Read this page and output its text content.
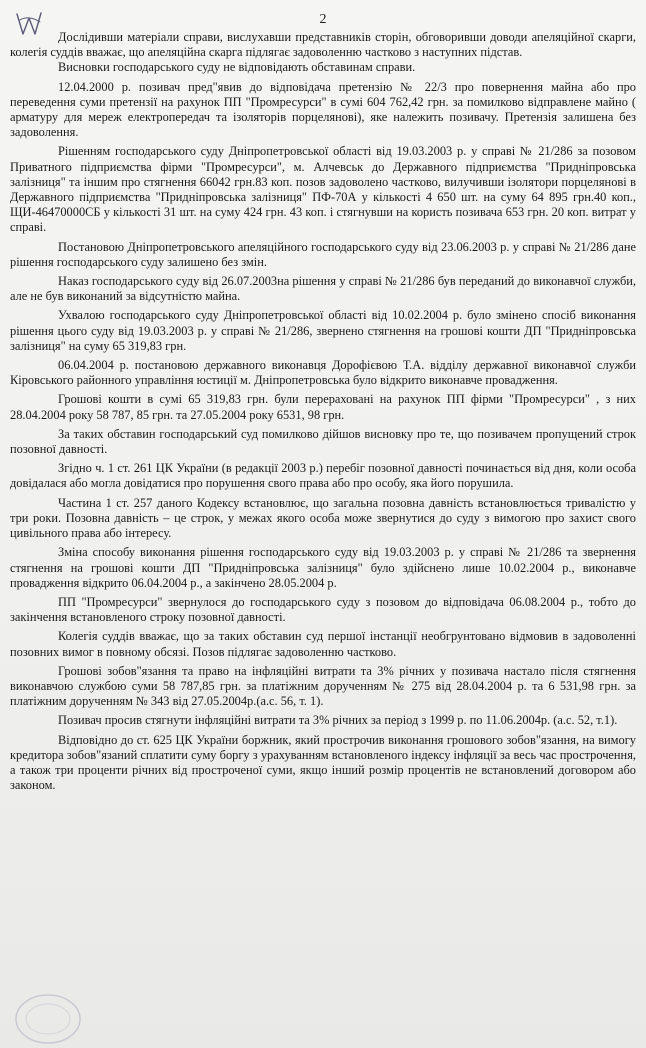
2

Дослідивши матеріали справи, вислухавши представників сторін, обговоривши доводи апеляційної скарги, колегія суддів вважає, що апеляційна скарга підлягає задоволенню частково з наступних підстав.

Висновки господарського суду не відповідають обставинам справи.

12.04.2000 р. позивач пред"явив до відповідача претензію № 22/3 про повернення майна або про переведення суми претензії на рахунок ПП "Промресурси" в сумі 604 762,42 грн. за помилково відправлене майно ( арматуру для мереж електропередач та ізоляторів порцелянові), яке належить позивачу. Претензія залишена без задоволення.

Рішенням господарського суду Дніпропетровської області від 19.03.2003 р. у справі № 21/286 за позовом Приватного підприємства фірми "Промресурси", м. Алчевськ до Державного підприємства "Придніпровська залізниця" та іншим про стягнення 66042 грн.83 коп. позов задоволено частково, вилучивши ізолятори порцелянові в Державного підприємства "Придніпровська залізниця" ПФ-70А у кількості 4 650 шт. на суму 64 895 грн.40 коп., ЩИ-46470000СБ у кількості 31 шт. на суму 424 грн. 43 коп. і стягнувши на користь позивача 653 грн. 20 коп. витрат у справі.

Постановою Дніпропетровського апеляційного господарського суду від 23.06.2003 р. у справі № 21/286 дане рішення господарського суду залишено без змін.

Наказ господарського суду від 26.07.2003на рішення у справі № 21/286 був переданий до виконавчої служби, але не був виконаний за відсутністю майна.

Ухвалою господарського суду Дніпропетровської області від 10.02.2004 р. було змінено спосіб виконання рішення цього суду від 19.03.2003 р. у справі № 21/286, звернено стягнення на грошові кошти ДП "Придніпровська залізниця" на суму 65 319,83 грн.

06.04.2004 р. постановою державного виконавця Дорофієвою Т.А. відділу державної виконавчої служби Кіровського районного управління юстиції м. Дніпропетровська було відкрито виконавче провадження.

Грошові кошти в сумі 65 319,83 грн. були перераховані на рахунок ПП фірми "Промресурси" , з них 28.04.2004 року 58 787, 85 грн. та 27.05.2004 року 6531, 98 грн.

За таких обставин господарський суд помилково дійшов висновку про те, що позивачем пропущений строк позовної давності.

Згідно ч. 1 ст. 261 ЦК України (в редакції 2003 р.) перебіг позовної давності починається від дня, коли особа довідалася або могла довідатися про порушення свого права або про особу, яка його порушила.

Частина 1 ст. 257 даного Кодексу встановлює, що загальна позовна давність встановлюється тривалістю у три роки. Позовна давність – це строк, у межах якого особа може звернутися до суду з вимогою про захист свого цивільного права або інтересу.

Зміна способу виконання рішення господарського суду від 19.03.2003 р. у справі № 21/286 та звернення стягнення на грошові кошти ДП "Придніпровська залізниця" було здійснено лише 10.02.2004 р., виконавче провадження відкрито 06.04.2004 р., а закінчено 28.05.2004 р.

ПП "Промресурси" звернулося до господарського суду з позовом до відповідача 06.08.2004 р., тобто до закінчення встановленого строку позовної давності.

Колегія суддів вважає, що за таких обставин суд першої інстанції необгрунтовано відмовив в задоволенні позовних вимог в повному обсязі. Позов підлягає задоволенню частково.

Грошові зобов"язання та право на інфляційні витрати та 3% річних у позивача настало після стягнення виконавчою службою суми 58 787,85 грн. за платіжним дорученням № 275 від 28.04.2004 р. та 6 531,98 грн. за платіжним дорученням № 343 від 27.05.2004р.(а.с. 56, т. 1).

Позивач просив стягнути інфляційні витрати та 3% річних за період з 1999 р. по 11.06.2004р. (а.с. 52, т.1).

Відповідно до ст. 625 ЦК України боржник, який прострочив виконання грошового зобов"язання, на вимогу кредитора зобов"язаний сплатити суму боргу з урахуванням встановленого індексу інфляції за весь час прострочення, а також три проценти річних від простроченої суми, якщо інший розмір процентів не встановлений договором або законом.
